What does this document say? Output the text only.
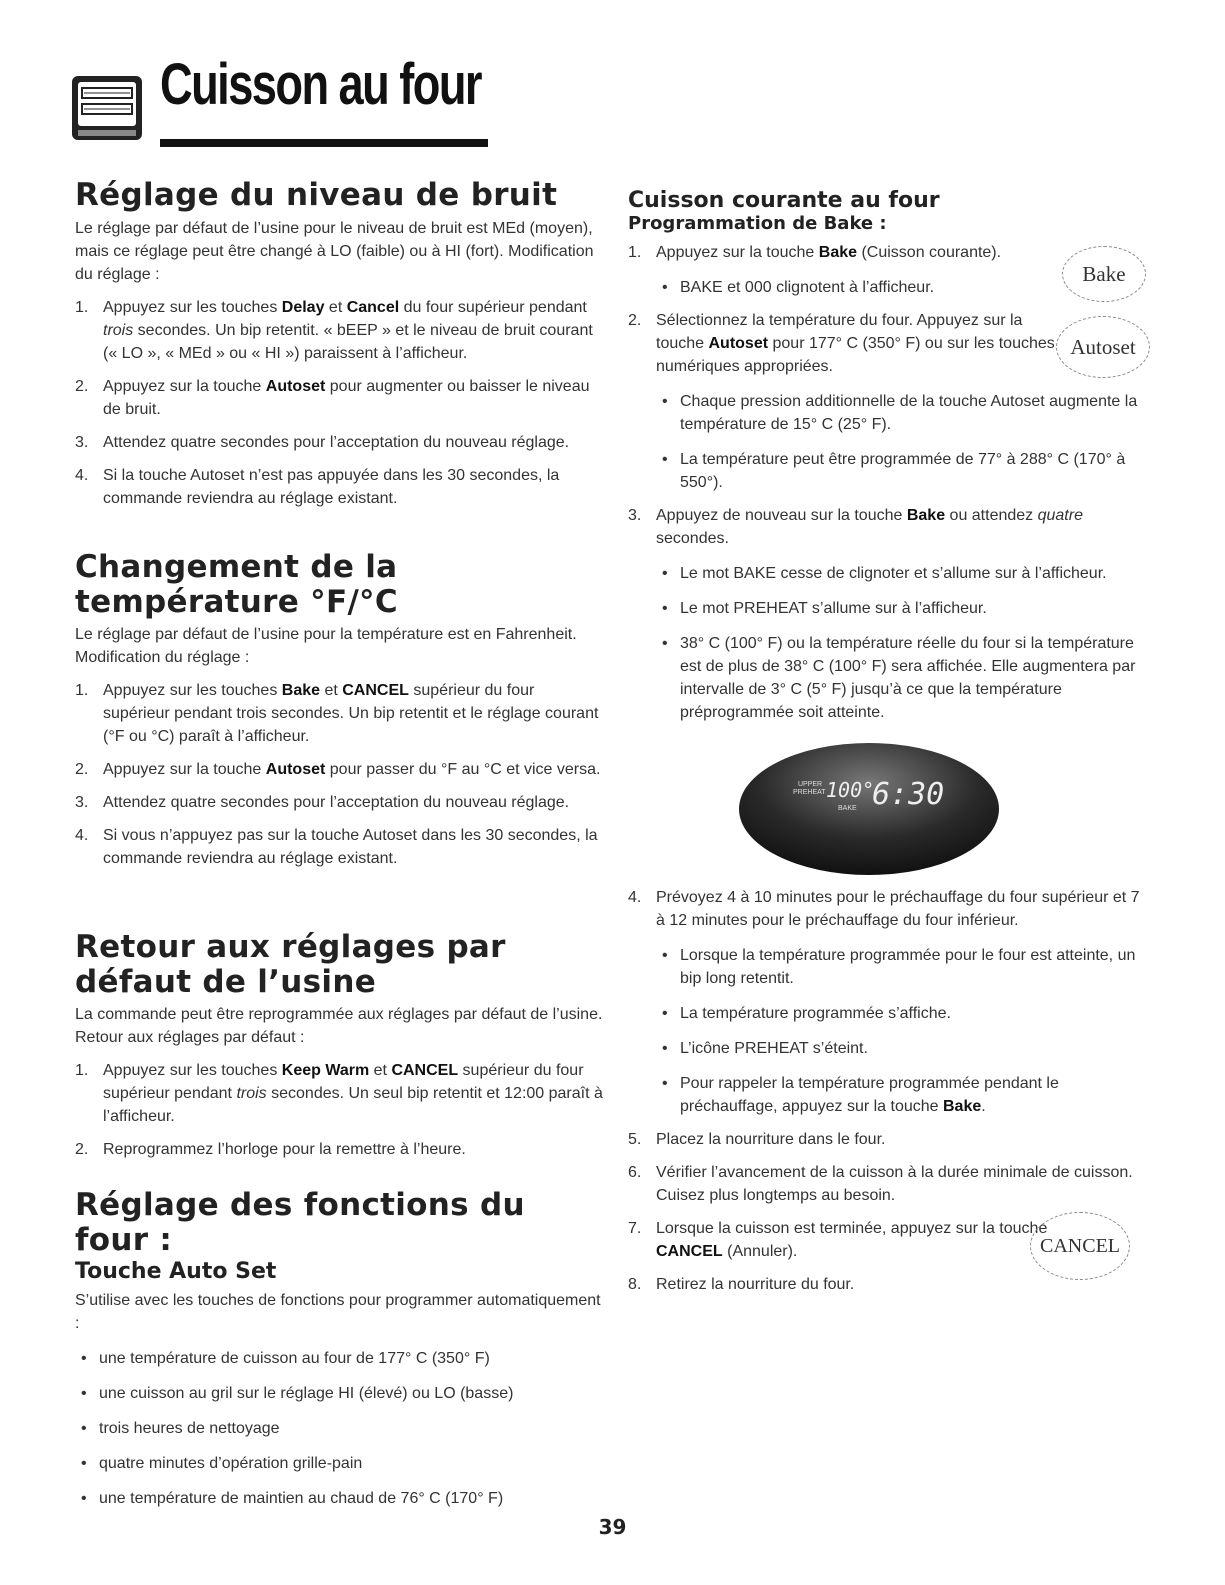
Cuisson au four
Réglage du niveau de bruit

Le réglage par défaut de l’usine pour le niveau de bruit est MEd (moyen), mais ce réglage peut être changé à LO (faible) ou à HI (fort). Modification du réglage :

1. Appuyez sur les touches Delay et Cancel du four supérieur pendant trois secondes. Un bip retentit. « bEEP » et le niveau de bruit courant (« LO », « MEd » ou « HI ») paraissent à l’afficheur.
2. Appuyez sur la touche Autoset pour augmenter ou baisser le niveau de bruit.
3. Attendez quatre secondes pour l’acceptation du nouveau réglage.
4. Si la touche Autoset n’est pas appuyée dans les 30 secondes, la commande reviendra au réglage existant.
Changement de la température °F/°C

Le réglage par défaut de l’usine pour la température est en Fahrenheit. Modification du réglage :

1. Appuyez sur les touches Bake et CANCEL supérieur du four supérieur pendant trois secondes. Un bip retentit et le réglage courant (°F ou °C) paraît à l’afficheur.
2. Appuyez sur la touche Autoset pour passer du °F au °C et vice versa.
3. Attendez quatre secondes pour l’acceptation du nouveau réglage.
4. Si vous n’appuyez pas sur la touche Autoset dans les 30 secondes, la commande reviendra au réglage existant.
Retour aux réglages par défaut de l’usine

La commande peut être reprogrammée aux réglages par défaut de l’usine. Retour aux réglages par défaut :

1. Appuyez sur les touches Keep Warm et CANCEL supérieur du four supérieur pendant trois secondes. Un seul bip retentit et 12:00 paraît à l’afficheur.
2. Reprogrammez l’horloge pour la remettre à l’heure.
Réglage des fonctions du four :
Touche Auto Set

S’utilise avec les touches de fonctions pour programmer automatiquement :

• une température de cuisson au four de 177° C (350° F)
• une cuisson au gril sur le réglage HI (élevé) ou LO (basse)
• trois heures de nettoyage
• quatre minutes d’opération grille-pain
• une température de maintien au chaud de 76° C (170° F)
Cuisson courante au four
Programmation de Bake :
1. Appuyez sur la touche Bake (Cuisson courante).
• BAKE et 000 clignotent à l’afficheur.
2. Sélectionnez la température du four. Appuyez sur la touche Autoset pour 177° C (350° F) ou sur les touches numériques appropriées.
• Chaque pression additionnelle de la touche Autoset augmente la température de 15° C (25° F).
• La température peut être programmée de 77° à 288° C (170° à 550°).
3. Appuyez de nouveau sur la touche Bake ou attendez quatre secondes.
• Le mot BAKE cesse de clignoter et s’allume sur à l’afficheur.
• Le mot PREHEAT s’allume sur à l’afficheur.
• 38° C (100° F) ou la température réelle du four si la température est de plus de 38° C (100° F) sera affichée. Elle augmentera par intervalle de 3° C (5° F) jusqu’à ce que la température préprogrammée soit atteinte.
UPPER
PREHEAT 100°
BAKE 6:30
4. Prévoyez 4 à 10 minutes pour le préchauffage du four supérieur et 7 à 12 minutes pour le préchauffage du four inférieur.
• Lorsque la température programmée pour le four est atteinte, un bip long retentit.
• La température programmée s’affiche.
• L’icône PREHEAT s’éteint.
• Pour rappeler la température programmée pendant le préchauffage, appuyez sur la touche Bake.
5. Placez la nourriture dans le four.
6. Vérifier l’avancement de la cuisson à la durée minimale de cuisson. Cuisez plus longtemps au besoin.
7. Lorsque la cuisson est terminée, appuyez sur la touche CANCEL (Annuler).
8. Retirez la nourriture du four.
Bake
Autoset
CANCEL
39
